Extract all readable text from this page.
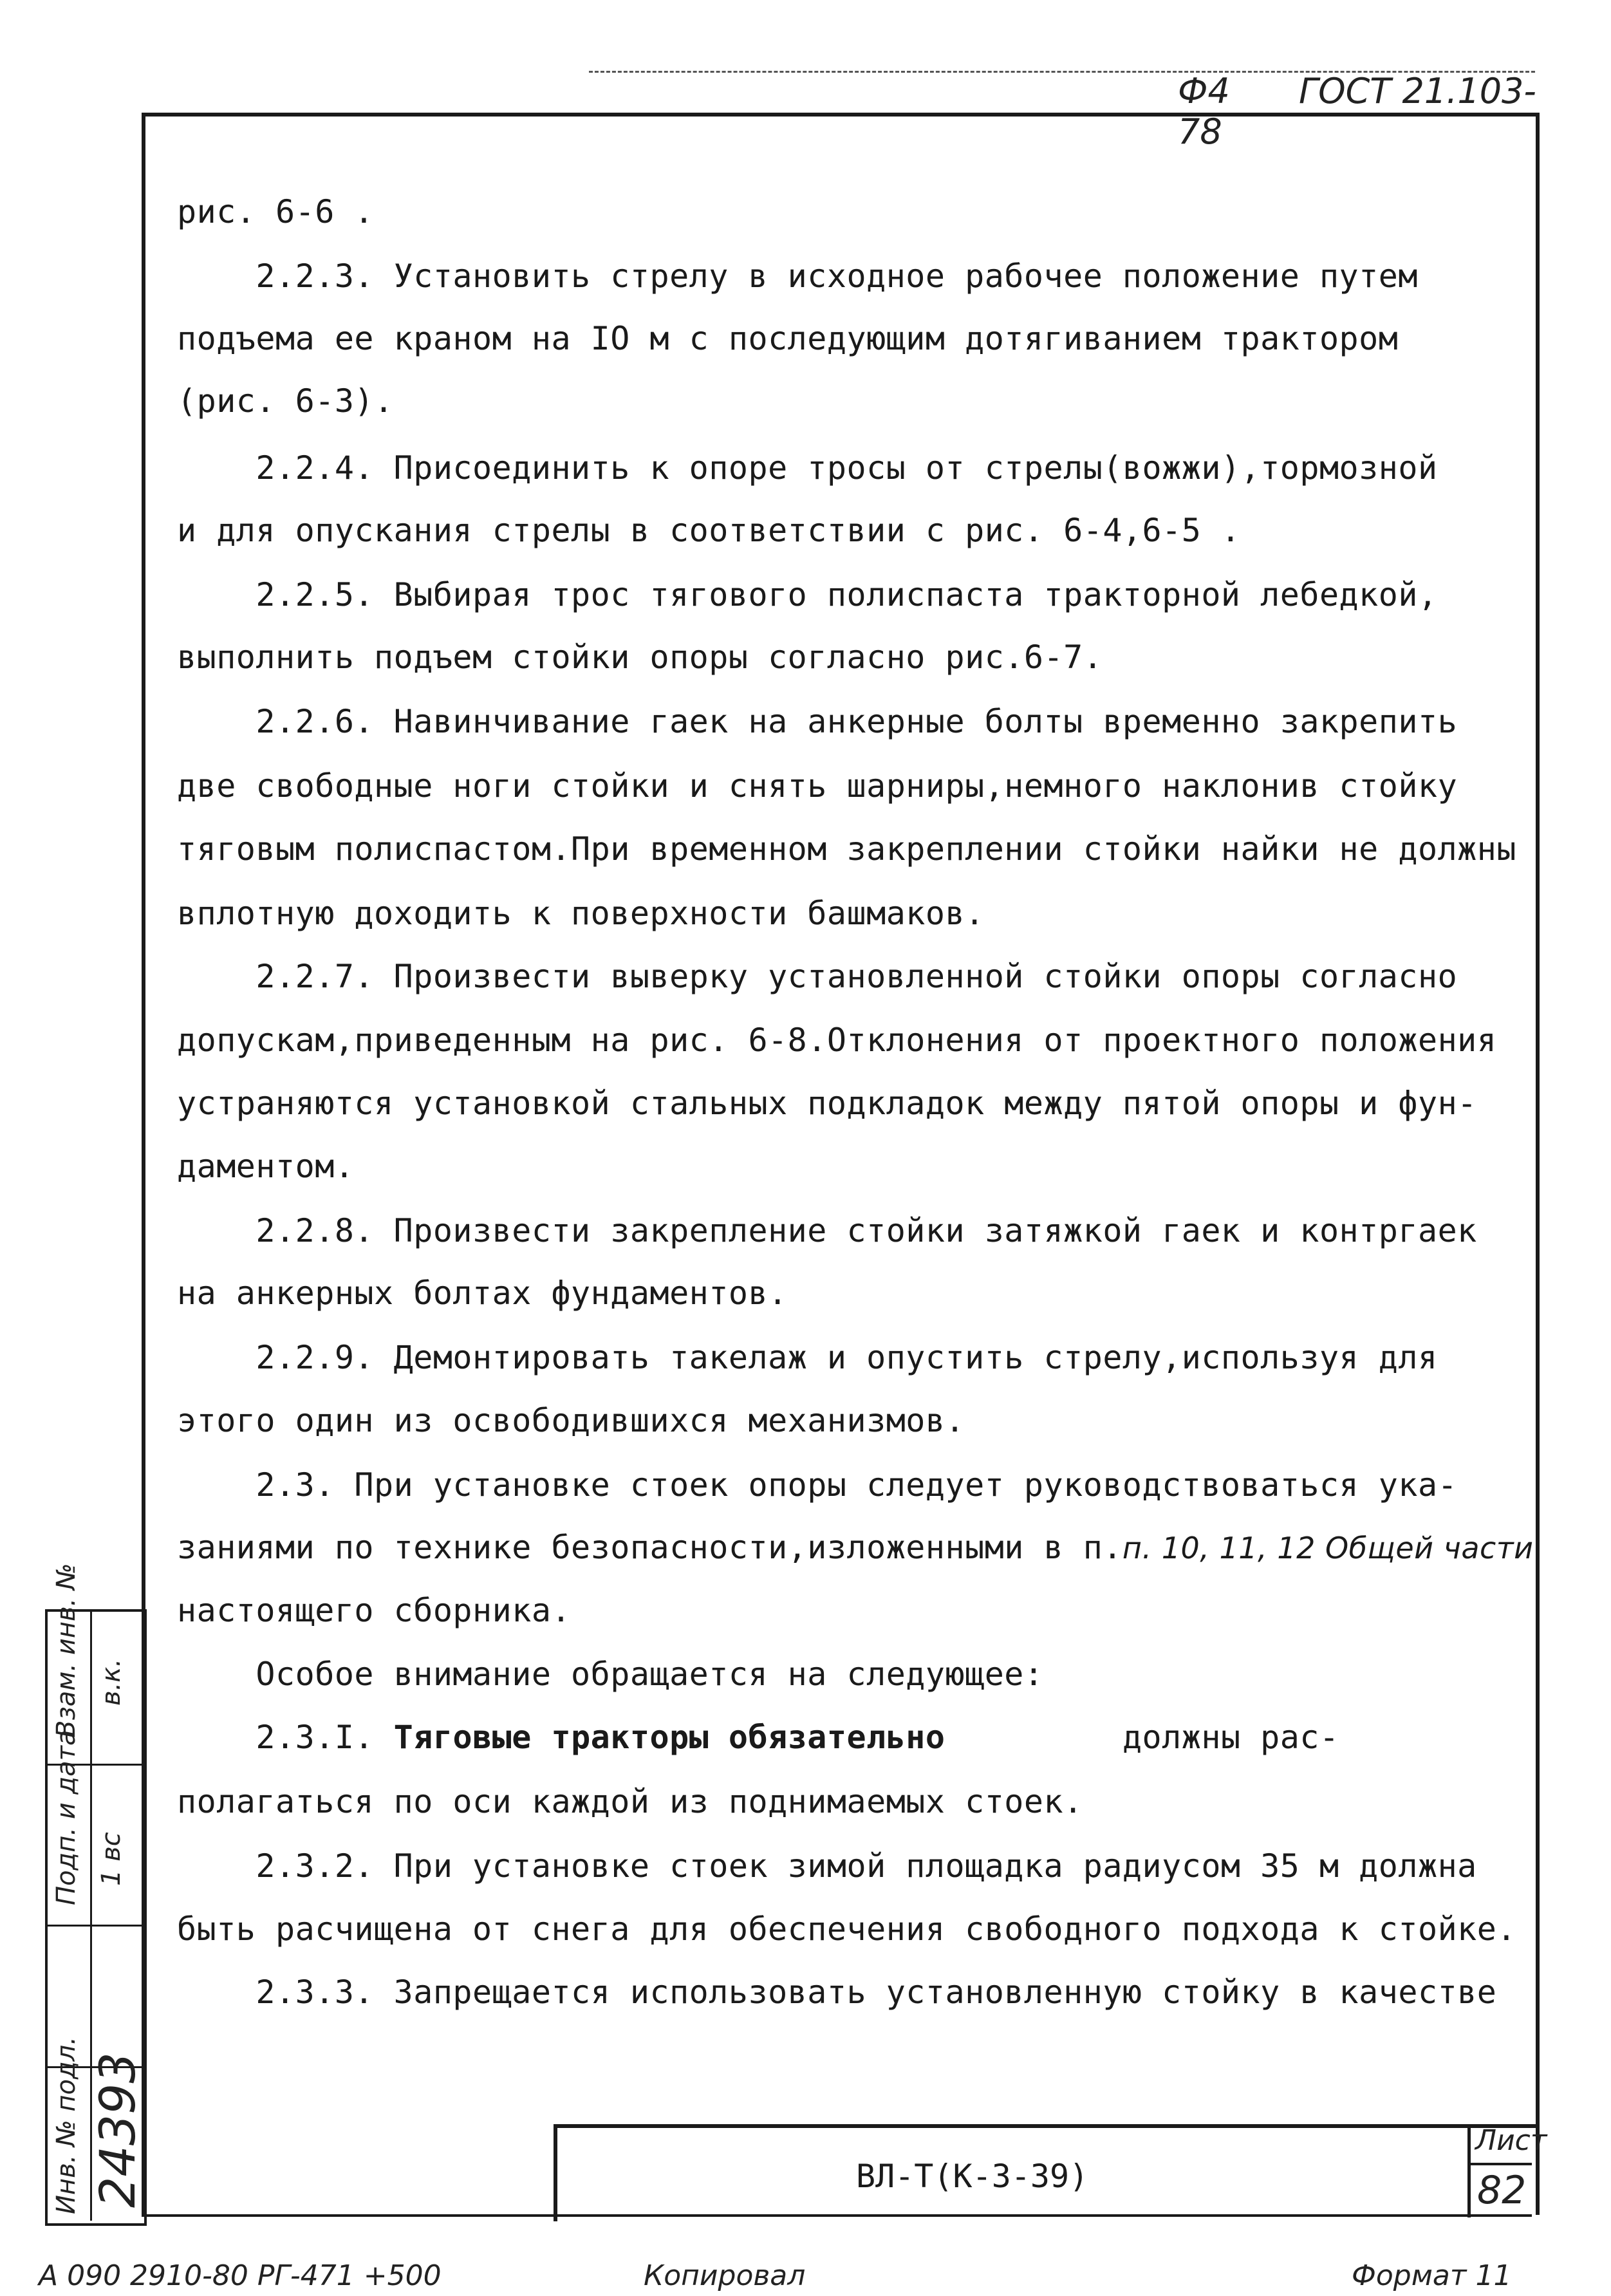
Ф4 ГОСТ 21.103-78
рис. 6-6 .
2.2.3. Установить стрелу в исходное рабочее положение путем
подъема ее краном на IO м с последующим дотягиванием трактором
(рис. 6-3).
2.2.4. Присоединить к опоре тросы от стрелы(вожжи),тормозной
и для опускания стрелы в соответствии с рис. 6-4,6-5 .
2.2.5. Выбирая трос тягового полиспаста тракторной лебедкой,
выполнить подъем стойки опоры согласно рис.6-7.
2.2.6. Навинчивание гаек на анкерные болты временно закрепить
две свободные ноги стойки и снять шарниры,немного наклонив стойку
тяговым полиспастом.При временном закреплении стойки найки не должны
вплотную доходить к поверхности башмаков.
2.2.7. Произвести выверку установленной стойки опоры согласно
допускам,приведенным на рис. 6-8.Отклонения от проектного положения
устраняются установкой стальных подкладок между пятой опоры и фун-
даментом.
2.2.8. Произвести закрепление стойки затяжкой гаек и контргаек
на анкерных болтах фундаментов.
2.2.9. Демонтировать такелаж и опустить стрелу,используя для
этого один из освободившихся механизмов.
2.3. При установке стоек опоры следует руководствоваться ука-
заниями по технике безопасности,изложенными в п.п. 10, 11, 12 Общей части
настоящего сборника.
Особое внимание обращается на следующее:
2.3.I. Тяговые тракторы обязательно	должны рас-
полагаться по оси каждой из поднимаемых стоек.
2.3.2. При установке стоек зимой площадка радиусом 35 м должна
быть расчищена от снега для обеспечения свободного подхода к стойке.
2.3.3. Запрещается использовать установленную стойку в качестве
ВЛ-Т(К-3-39)
Лист
82
Взам. инв. № в.к.
Подп. и дата 1 вс
Инв. № подл. 24393
А 090 2910-80 РГ-471 +500	Копировал	Формат 11
